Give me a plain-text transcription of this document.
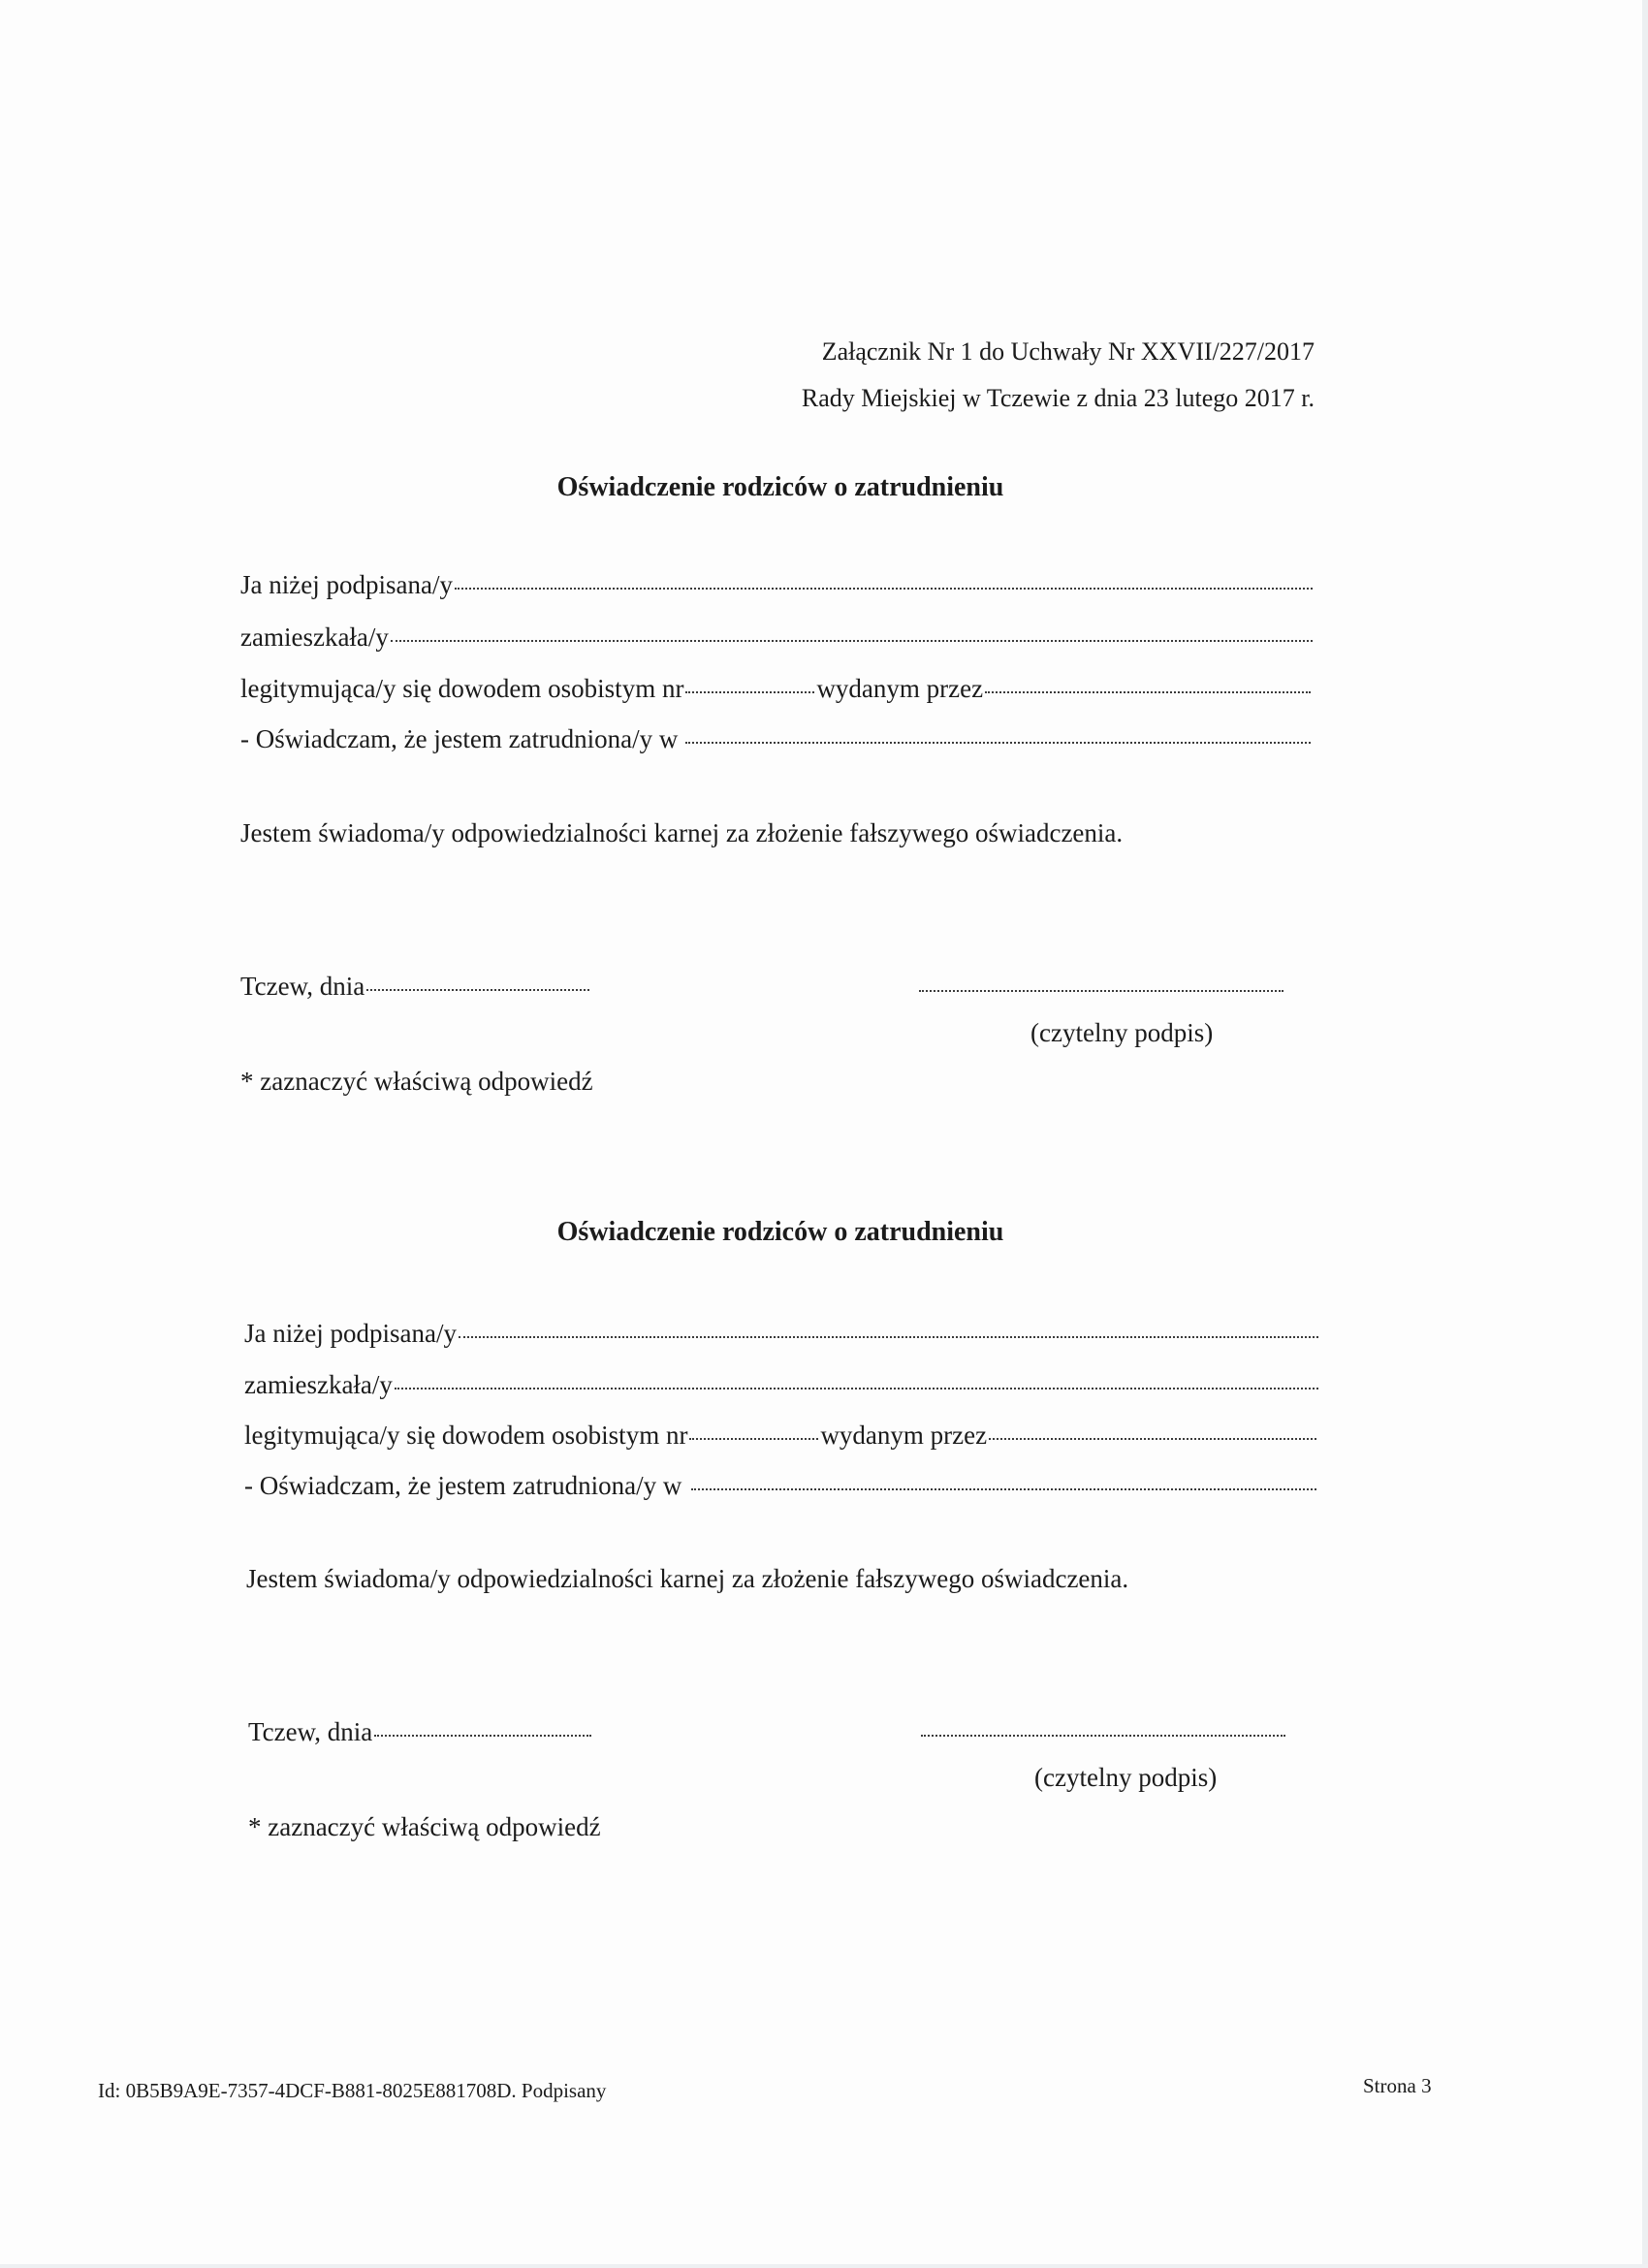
Załącznik Nr 1 do Uchwały Nr XXVII/227/2017
Rady Miejskiej w Tczewie z dnia 23 lutego 2017 r.
Oświadczenie rodziców o zatrudnieniu
Ja niżej podpisana/y
zamieszkała/y
legitymująca/y się dowodem osobistym nr	wydanym przez
- Oświadczam, że jestem zatrudniona/y w
Jestem świadoma/y odpowiedzialności karnej za złożenie fałszywego oświadczenia.
Tczew, dnia
(czytelny podpis)
* zaznaczyć właściwą odpowiedź
Oświadczenie rodziców o zatrudnieniu
Ja niżej podpisana/y
zamieszkała/y
legitymująca/y się dowodem osobistym nr	wydanym przez
- Oświadczam, że jestem zatrudniona/y w
Jestem świadoma/y odpowiedzialności karnej za złożenie fałszywego oświadczenia.
Tczew, dnia
(czytelny podpis)
* zaznaczyć właściwą odpowiedź
Id: 0B5B9A9E-7357-4DCF-B881-8025E881708D. Podpisany	Strona 3
